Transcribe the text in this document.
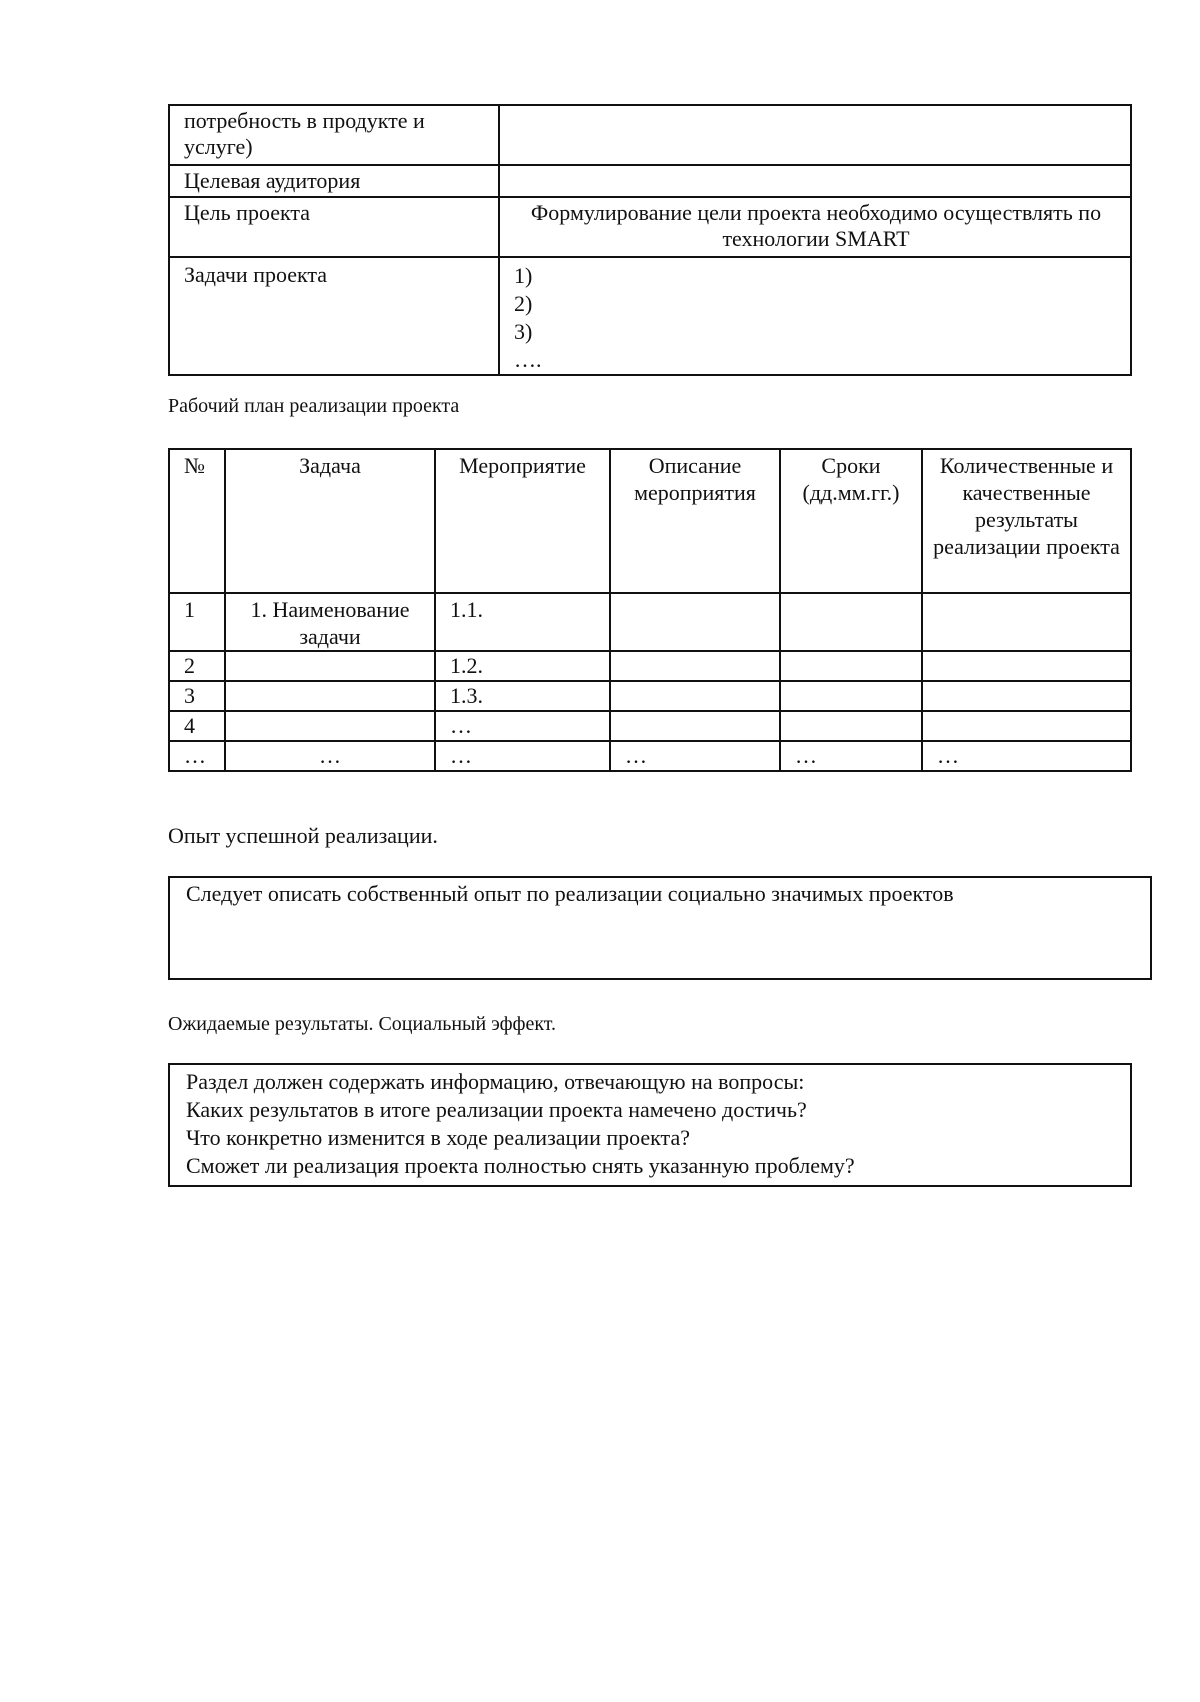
потребность в продукте и услуге)	
Целевая аудитория	
Цель проекта	Формулирование цели проекта необходимо осуществлять по технологии SMART
Задачи проекта	1)
2)
3)
….
Рабочий план реализации проекта
№	Задача	Мероприятие	Описание мероприятия	Сроки (дд.мм.гг.)	Количественные и качественные результаты реализации проекта
1	1. Наименование задачи	1.1.			
2		1.2.			
3		1.3.			
4		…			
…	…	…	…	…	…
Опыт успешной реализации.
Следует описать собственный опыт по реализации социально значимых проектов
Ожидаемые результаты. Социальный эффект.
Раздел должен содержать информацию, отвечающую на вопросы:
Каких результатов в итоге реализации проекта намечено достичь?
Что конкретно изменится в ходе реализации проекта?
Сможет ли реализация проекта полностью снять указанную проблему?
